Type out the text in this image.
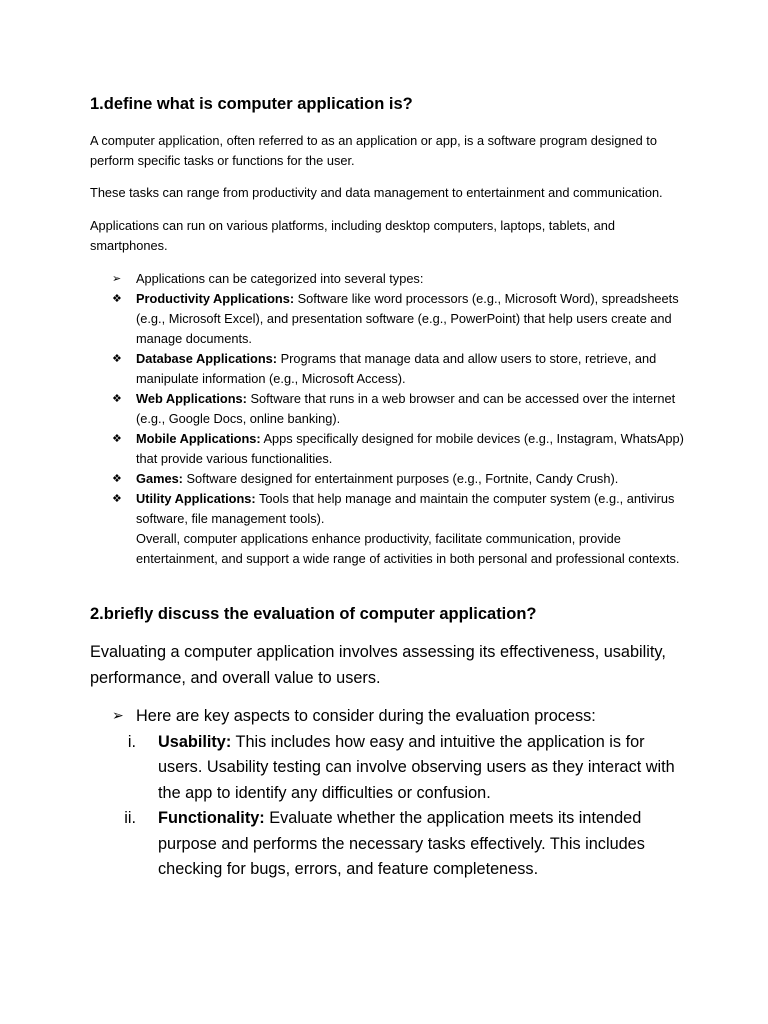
1.define what is computer application is?

A computer application, often referred to as an application or app, is a software program designed to perform specific tasks or functions for the user.

These tasks can range from productivity and data management to entertainment and communication.

Applications can run on various platforms, including desktop computers, laptops, tablets, and smartphones.

➢	Applications can be categorized into several types:
❖	Productivity Applications: Software like word processors (e.g., Microsoft Word), spreadsheets (e.g., Microsoft Excel), and presentation software (e.g., PowerPoint) that help users create and manage documents.
❖	Database Applications: Programs that manage data and allow users to store, retrieve, and manipulate information (e.g., Microsoft Access).
❖	Web Applications: Software that runs in a web browser and can be accessed over the internet (e.g., Google Docs, online banking).
❖	Mobile Applications: Apps specifically designed for mobile devices (e.g., Instagram, WhatsApp) that provide various functionalities.
❖	Games: Software designed for entertainment purposes (e.g., Fortnite, Candy Crush).
❖	Utility Applications: Tools that help manage and maintain the computer system (e.g., antivirus software, file management tools).
Overall, computer applications enhance productivity, facilitate communication, provide entertainment, and support a wide range of activities in both personal and professional contexts.
2.briefly discuss the evaluation of computer application?

Evaluating a computer application involves assessing its effectiveness, usability, performance, and overall value to users.

➢ Here are key aspects to consider during the evaluation process:
i. Usability: This includes how easy and intuitive the application is for users. Usability testing can involve observing users as they interact with the app to identify any difficulties or confusion.
ii. Functionality: Evaluate whether the application meets its intended purpose and performs the necessary tasks effectively. This includes checking for bugs, errors, and feature completeness.
